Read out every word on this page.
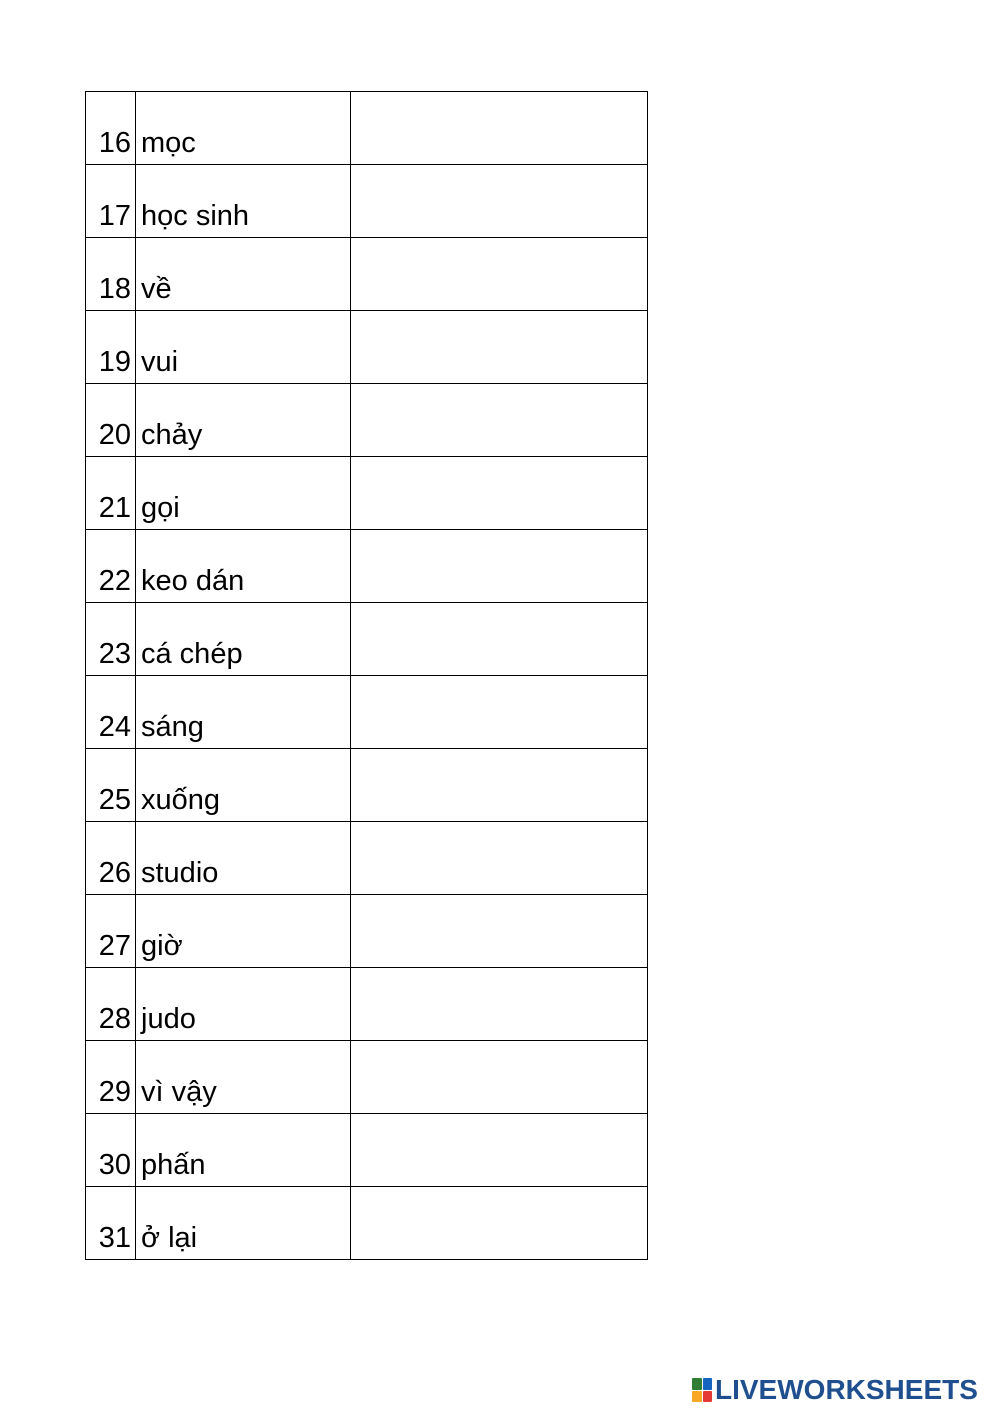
16	mọc

17	học sinh

18	về

19	vui

20	chảy

21	gọi

22	keo dán

23	cá chép

24	sáng

25	xuống

26	studio

27	giờ

28	judo

29	vì vậy

30	phấn

31	ở lại

LIVEWORKSHEETS
